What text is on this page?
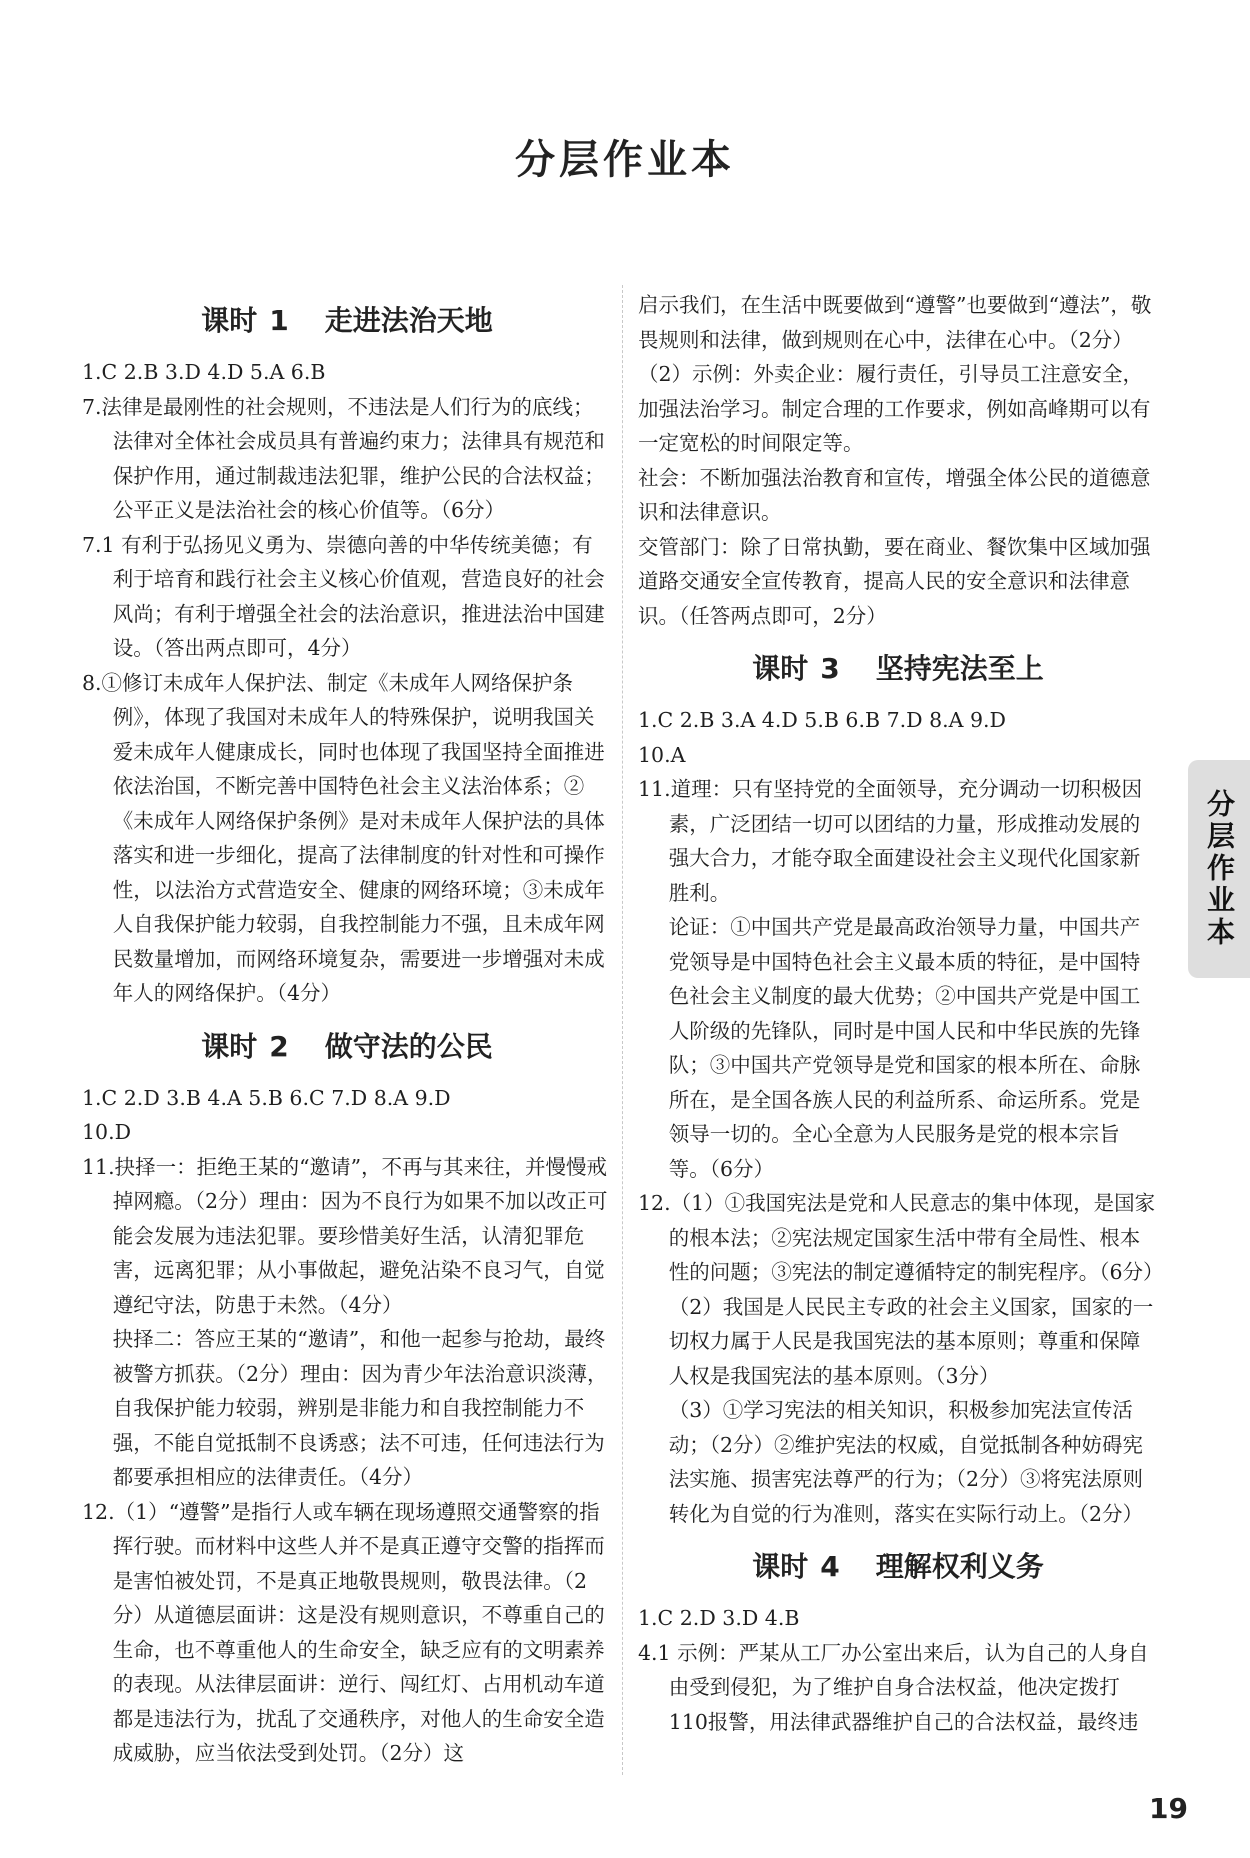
分层作业本
课时 1 走进法治天地
1.C 2.B 3.D 4.D 5.A 6.B
7.法律是最刚性的社会规则，不违法是人们行为的底线；法律对全体社会成员具有普遍约束力；法律具有规范和保护作用，通过制裁违法犯罪，维护公民的合法权益；公平正义是法治社会的核心价值等。（6分）
7.1 有利于弘扬见义勇为、崇德向善的中华传统美德；有利于培育和践行社会主义核心价值观，营造良好的社会风尚；有利于增强全社会的法治意识，推进法治中国建设。（答出两点即可，4分）
8.①修订未成年人保护法、制定《未成年人网络保护条例》，体现了我国对未成年人的特殊保护，说明我国关爱未成年人健康成长，同时也体现了我国坚持全面推进依法治国，不断完善中国特色社会主义法治体系；②《未成年人网络保护条例》是对未成年人保护法的具体落实和进一步细化，提高了法律制度的针对性和可操作性，以法治方式营造安全、健康的网络环境；③未成年人自我保护能力较弱，自我控制能力不强，且未成年网民数量增加，而网络环境复杂，需要进一步增强对未成年人的网络保护。（4分）
课时 2 做守法的公民
1.C 2.D 3.B 4.A 5.B 6.C 7.D 8.A 9.D
10.D
11.抉择一：拒绝王某的“邀请”，不再与其来往，并慢慢戒掉网瘾。（2分）理由：因为不良行为如果不加以改正可能会发展为违法犯罪。要珍惜美好生活，认清犯罪危害，远离犯罪；从小事做起，避免沾染不良习气，自觉遵纪守法，防患于未然。（4分）
抉择二：答应王某的“邀请”，和他一起参与抢劫，最终被警方抓获。（2分）理由：因为青少年法治意识淡薄，自我保护能力较弱，辨别是非能力和自我控制能力不强，不能自觉抵制不良诱惑；法不可违，任何违法行为都要承担相应的法律责任。（4分）
12.（1）“遵警”是指行人或车辆在现场遵照交通警察的指挥行驶。而材料中这些人并不是真正遵守交警的指挥而是害怕被处罚，不是真正地敬畏规则，敬畏法律。（2分）从道德层面讲：这是没有规则意识，不尊重自己的生命，也不尊重他人的生命安全，缺乏应有的文明素养的表现。从法律层面讲：逆行、闯红灯、占用机动车道都是违法行为，扰乱了交通秩序，对他人的生命安全造成威胁，应当依法受到处罚。（2分）这
启示我们，在生活中既要做到“遵警”也要做到“遵法”，敬畏规则和法律，做到规则在心中，法律在心中。（2分）
（2）示例：外卖企业：履行责任，引导员工注意安全，加强法治学习。制定合理的工作要求，例如高峰期可以有一定宽松的时间限定等。
社会：不断加强法治教育和宣传，增强全体公民的道德意识和法律意识。
交管部门：除了日常执勤，要在商业、餐饮集中区域加强道路交通安全宣传教育，提高人民的安全意识和法律意识。（任答两点即可，2分）
课时 3 坚持宪法至上
1.C 2.B 3.A 4.D 5.B 6.B 7.D 8.A 9.D
10.A
11.道理：只有坚持党的全面领导，充分调动一切积极因素，广泛团结一切可以团结的力量，形成推动发展的强大合力，才能夺取全面建设社会主义现代化国家新胜利。
论证：①中国共产党是最高政治领导力量，中国共产党领导是中国特色社会主义最本质的特征，是中国特色社会主义制度的最大优势；②中国共产党是中国工人阶级的先锋队，同时是中国人民和中华民族的先锋队；③中国共产党领导是党和国家的根本所在、命脉所在，是全国各族人民的利益所系、命运所系。党是领导一切的。全心全意为人民服务是党的根本宗旨等。（6分）
12.（1）①我国宪法是党和人民意志的集中体现，是国家的根本法；②宪法规定国家生活中带有全局性、根本性的问题；③宪法的制定遵循特定的制宪程序。（6分）
（2）我国是人民民主专政的社会主义国家，国家的一切权力属于人民是我国宪法的基本原则；尊重和保障人权是我国宪法的基本原则。（3分）
（3）①学习宪法的相关知识，积极参加宪法宣传活动；（2分）②维护宪法的权威，自觉抵制各种妨碍宪法实施、损害宪法尊严的行为；（2分）③将宪法原则转化为自觉的行为准则，落实在实际行动上。（2分）
课时 4 理解权利义务
1.C 2.D 3.D 4.B
4.1 示例：严某从工厂办公室出来后，认为自己的人身自由受到侵犯，为了维护自身合法权益，他决定拨打110报警，用法律武器维护自己的合法权益，最终违
分层作业本
19
